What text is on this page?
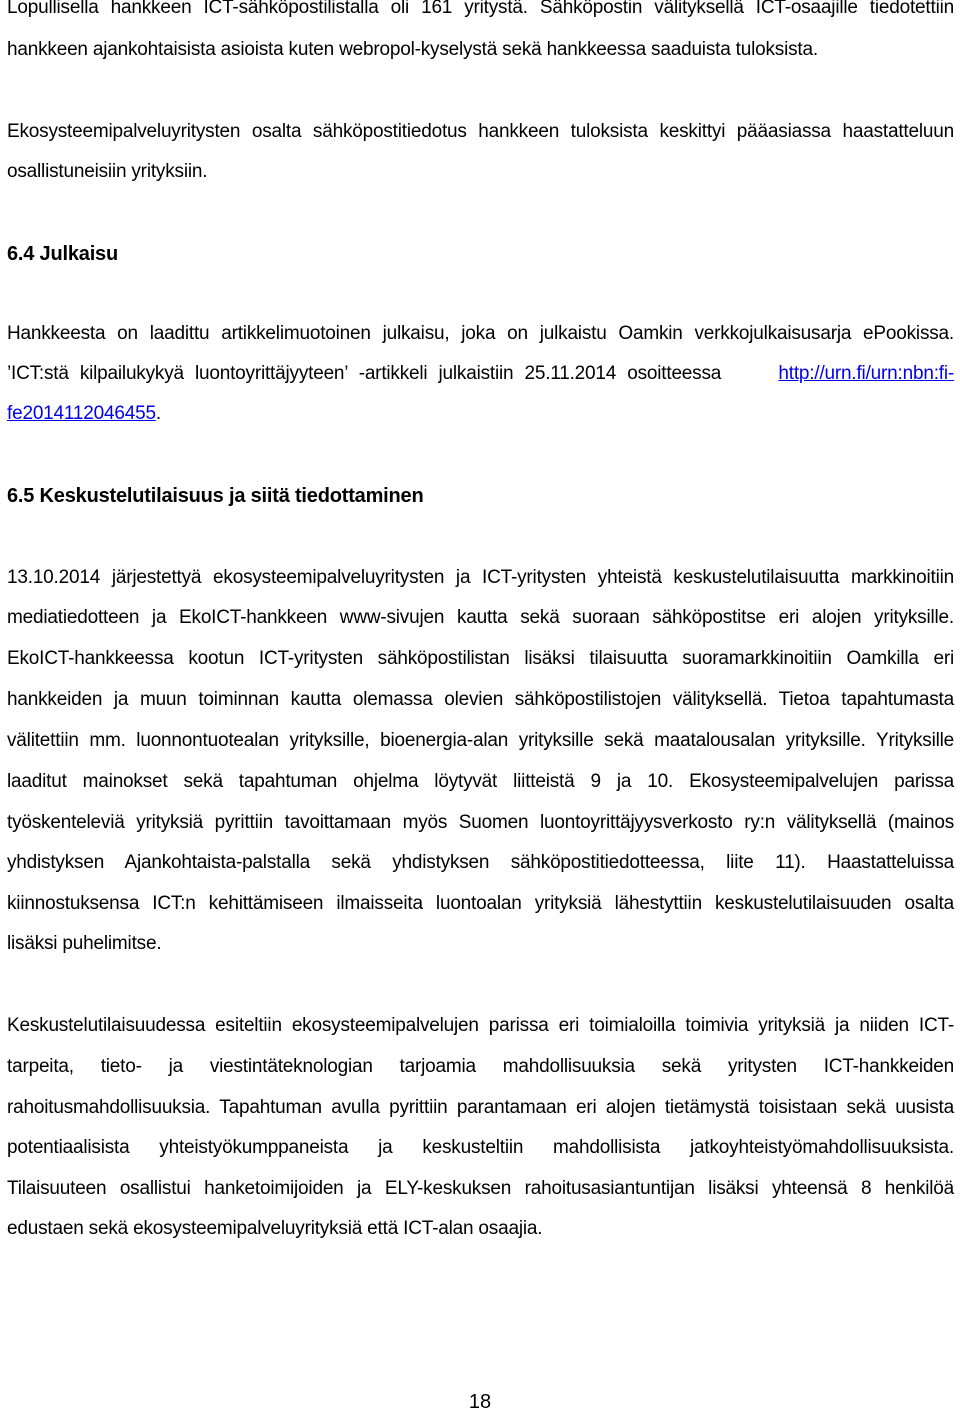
Lopullisella hankkeen ICT-sähköpostilistalla oli 161 yritystä. Sähköpostin välityksellä ICT-osaajille tiedotettiin
hankkeen ajankohtaisista asioista kuten webropol-kyselystä sekä hankkeessa saaduista tuloksista.
Ekosysteemipalveluyritysten osalta sähköpostitiedotus hankkeen tuloksista keskittyi pääasiassa haastatteluun
osallistuneisiin yrityksiin.
6.4 Julkaisu
Hankkeesta on laadittu artikkelimuotoinen julkaisu, joka on julkaistu Oamkin verkkojulkaisusarja ePookissa.
’ICT:stä kilpailukykyä luontoyrittäjyyteen’ -artikkeli julkaistiin 25.11.2014 osoitteessa	http://urn.fi/urn:nbn:fi-
fe2014112046455.
6.5 Keskustelutilaisuus ja siitä tiedottaminen
13.10.2014 järjestettyä ekosysteemipalveluyritysten ja ICT-yritysten yhteistä keskustelutilaisuutta markkinoitiin
mediatiedotteen ja EkoICT-hankkeen www-sivujen kautta sekä suoraan sähköpostitse eri alojen yrityksille.
EkoICT-hankkeessa kootun ICT-yritysten sähköpostilistan lisäksi tilaisuutta suoramarkkinoitiin Oamkilla eri
hankkeiden ja muun toiminnan kautta olemassa olevien sähköpostilistojen välityksellä. Tietoa tapahtumasta
välitettiin mm. luonnontuotealan yrityksille, bioenergia-alan yrityksille sekä maatalousalan yrityksille. Yrityksille
laaditut mainokset sekä tapahtuman ohjelma löytyvät liitteistä 9 ja 10. Ekosysteemipalvelujen parissa
työskenteleviä yrityksiä pyrittiin tavoittamaan myös Suomen luontoyrittäjyysverkosto ry:n välityksellä (mainos
yhdistyksen Ajankohtaista-palstalla sekä yhdistyksen sähköpostitiedotteessa, liite 11). Haastatteluissa
kiinnostuksensa ICT:n kehittämiseen ilmaisseita luontoalan yrityksiä lähestyttiin keskustelutilaisuuden osalta
lisäksi puhelimitse.
Keskustelutilaisuudessa esiteltiin ekosysteemipalvelujen parissa eri toimialoilla toimivia yrityksiä ja niiden ICT-
tarpeita, tieto- ja viestintäteknologian tarjoamia mahdollisuuksia sekä yritysten ICT-hankkeiden
rahoitusmahdollisuuksia. Tapahtuman avulla pyrittiin parantamaan eri alojen tietämystä toisistaan sekä uusista
potentiaalisista yhteistyökumppaneista ja keskusteltiin mahdollisista jatkoyhteistyömahdollisuuksista.
Tilaisuuteen osallistui hanketoimijoiden ja ELY-keskuksen rahoitusasiantuntijan lisäksi yhteensä 8 henkilöä
edustaen sekä ekosysteemipalveluyrityksiä että ICT-alan osaajia.
18
